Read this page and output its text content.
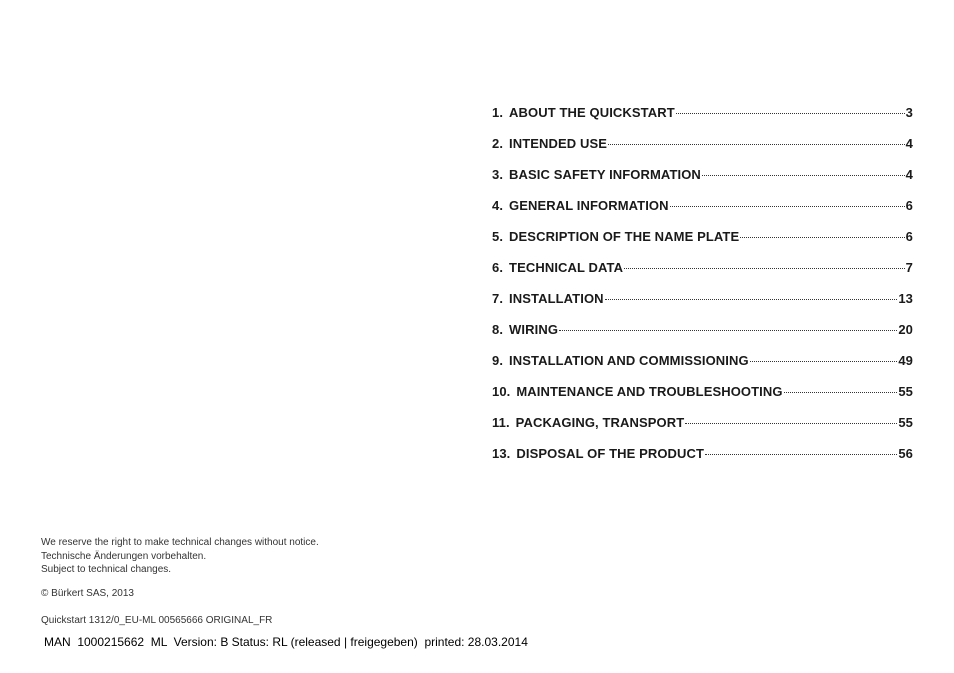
1. ABOUT THE QUICKSTART	3
2. INTENDED USE	4
3. BASIC SAFETY INFORMATION	4
4. GENERAL INFORMATION	6
5. DESCRIPTION OF THE NAME PLATE	6
6. TECHNICAL DATA	7
7. INSTALLATION	13
8. WIRING	20
9. INSTALLATION AND COMMISSIONING	49
10. MAINTENANCE AND TROUBLESHOOTING	55
11. PACKAGING, TRANSPORT	55
13. DISPOSAL OF THE PRODUCT	56

We reserve the right to make technical changes without notice.

Technische Änderungen vorbehalten.

Subject to technical changes.

© Bürkert SAS, 2013
Quickstart 1312/0_EU-ML 00565666 ORIGINAL_FR
MAN  1000215662  ML  Version: B Status: RL (released | freigegeben)  printed: 28.03.2014
